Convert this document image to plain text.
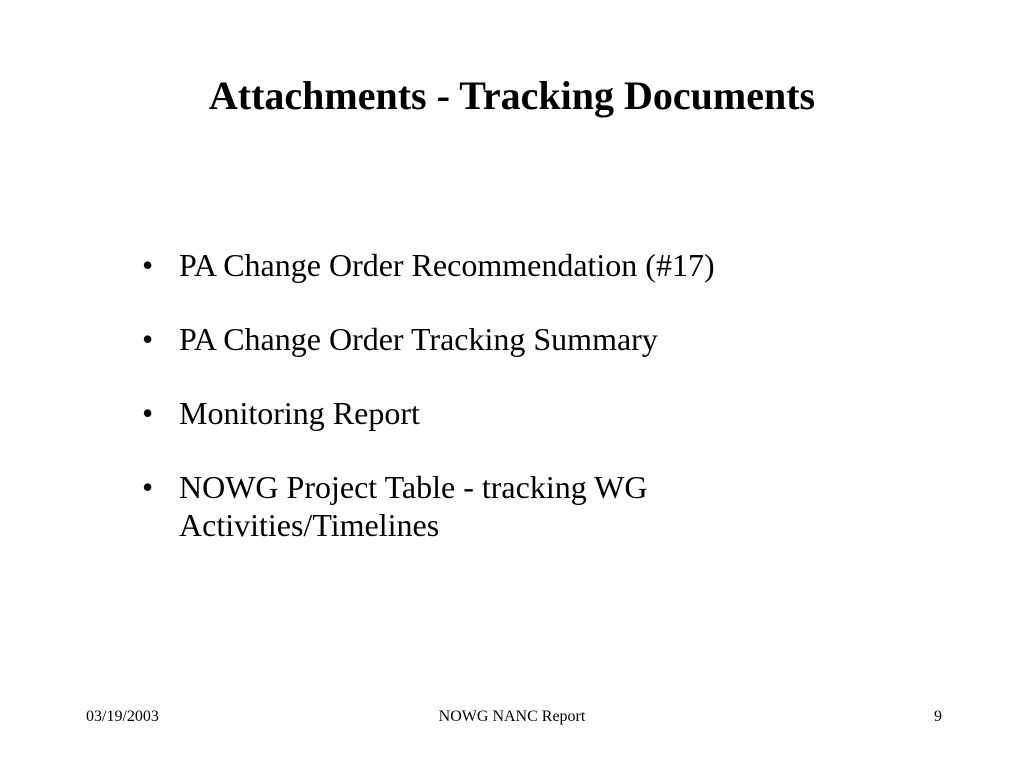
Attachments - Tracking Documents
• PA Change Order Recommendation (#17)
• PA Change Order Tracking Summary
• Monitoring Report
• NOWG Project Table - tracking WG Activities/Timelines
03/19/2003	NOWG NANC Report	9
